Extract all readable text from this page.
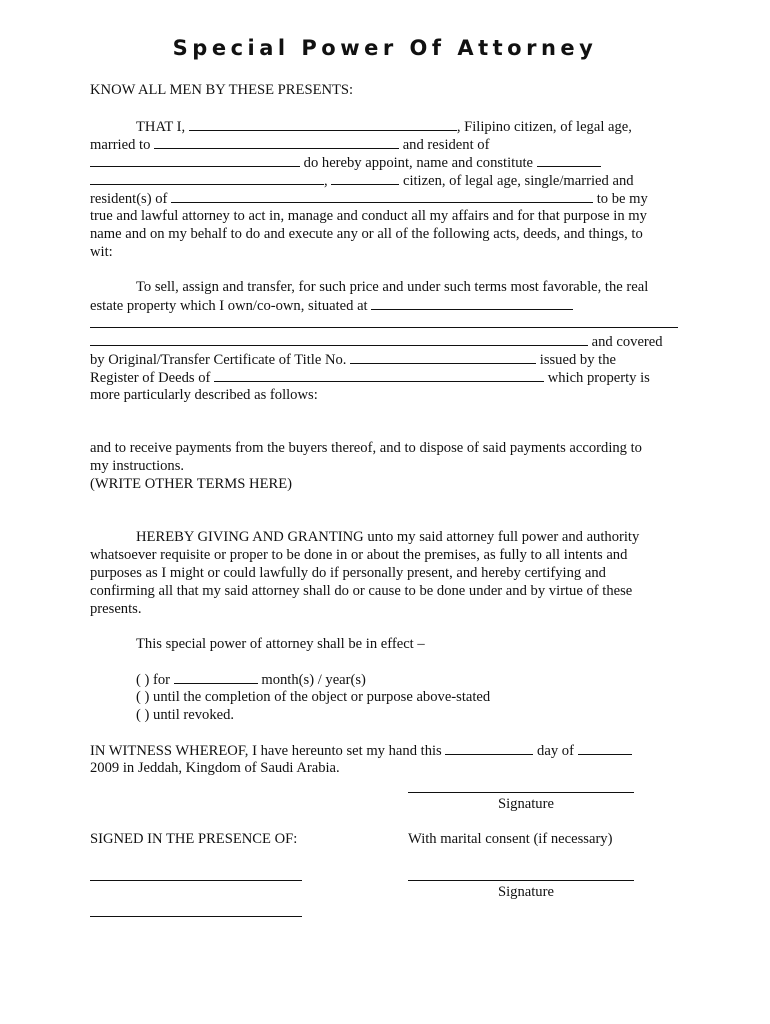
Special Power Of Attorney
KNOW ALL MEN BY THESE PRESENTS:
THAT I,	, Filipino citizen, of legal age,
married to	and resident of
do hereby appoint, name and constitute
,	citizen, of legal age, single/married and
resident(s) of	to be my
true and lawful attorney to act in, manage and conduct all my affairs and for that purpose in my
name and on my behalf to do and execute any or all of the following acts, deeds, and things, to
wit:
To sell, assign and transfer, for such price and under such terms most favorable, the real
estate property which I own/co-own, situated at
and covered
by Original/Transfer Certificate of Title No.	issued by the
Register of Deeds of	which property is
more particularly described as follows:
and to receive payments from the buyers thereof, and to dispose of said payments according to
my instructions.
(WRITE OTHER TERMS HERE)
HEREBY GIVING AND GRANTING unto my said attorney full power and authority
whatsoever requisite or proper to be done in or about the premises, as fully to all intents and
purposes as I might or could lawfully do if personally present, and hereby certifying and
confirming all that my said attorney shall do or cause to be done under and by virtue of these
presents.
This special power of attorney shall be in effect –
( ) for	month(s) / year(s)
( ) until the completion of the object or purpose above-stated
( ) until revoked.
IN WITNESS WHEREOF, I have hereunto set my hand this	day of
2009 in Jeddah, Kingdom of Saudi Arabia.
Signature
SIGNED IN THE PRESENCE OF:	With marital consent (if necessary)
Signature
